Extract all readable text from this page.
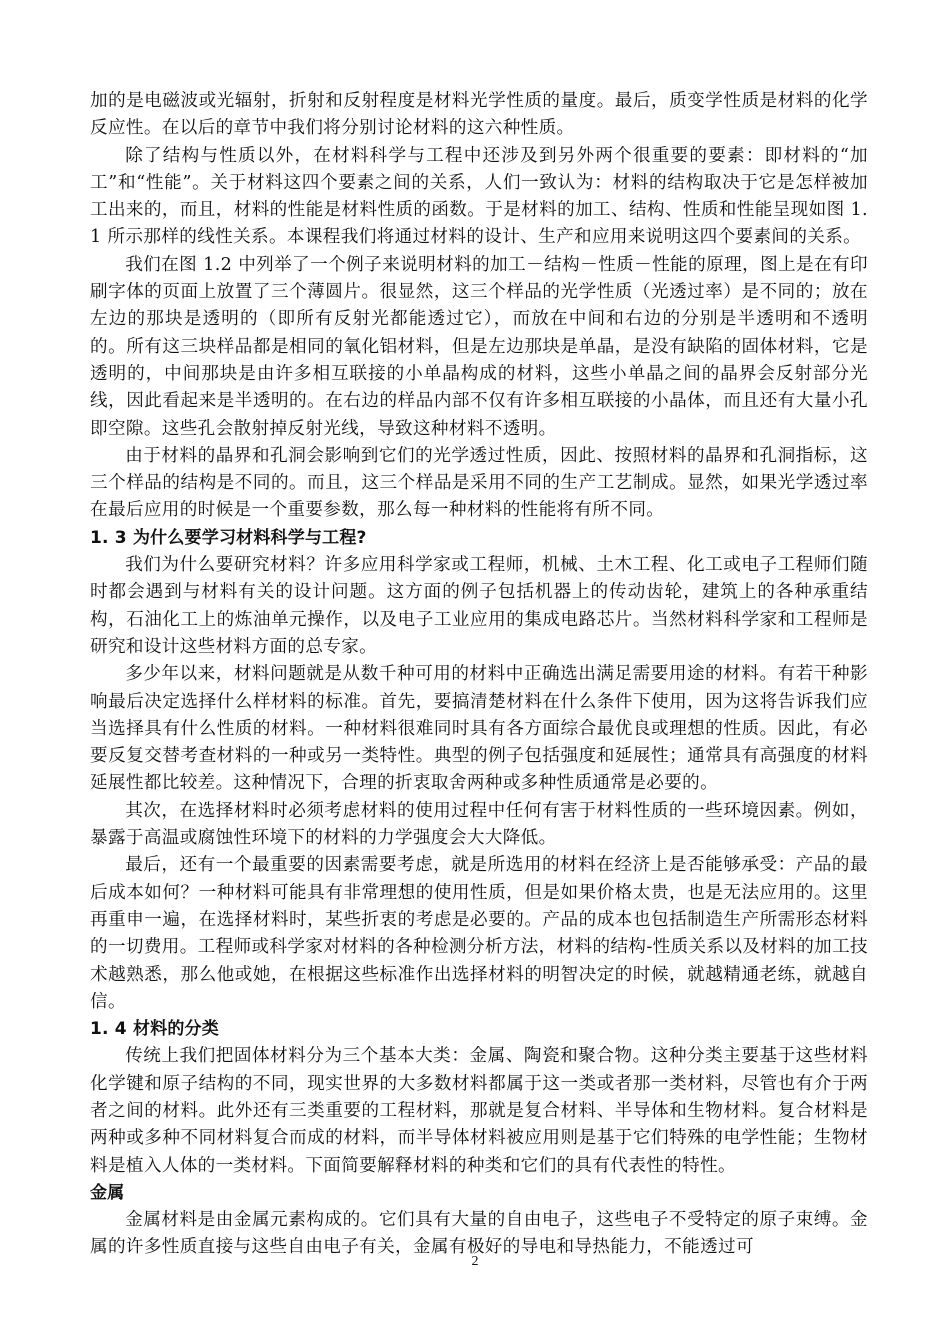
加的是电磁波或光辐射，折射和反射程度是材料光学性质的量度。最后，质变学性质是材料的化学反应性。在以后的章节中我们将分别讨论材料的这六种性质。

除了结构与性质以外，在材料科学与工程中还涉及到另外两个很重要的要素：即材料的“加工”和“性能”。关于材料这四个要素之间的关系，人们一致认为：材料的结构取决于它是怎样被加工出来的，而且，材料的性能是材料性质的函数。于是材料的加工、结构、性质和性能呈现如图 1.1 所示那样的线性关系。本课程我们将通过材料的设计、生产和应用来说明这四个要素间的关系。

我们在图 1.2 中列举了一个例子来说明材料的加工－结构－性质－性能的原理，图上是在有印刷字体的页面上放置了三个薄圆片。很显然，这三个样品的光学性质（光透过率）是不同的；放在左边的那块是透明的（即所有反射光都能透过它），而放在中间和右边的分别是半透明和不透明的。所有这三块样品都是相同的氧化铝材料，但是左边那块是单晶，是没有缺陷的固体材料，它是透明的，中间那块是由许多相互联接的小单晶构成的材料，这些小单晶之间的晶界会反射部分光线，因此看起来是半透明的。在右边的样品内部不仅有许多相互联接的小晶体，而且还有大量小孔即空隙。这些孔会散射掉反射光线，导致这种材料不透明。

由于材料的晶界和孔洞会影响到它们的光学透过性质，因此、按照材料的晶界和孔洞指标，这三个样品的结构是不同的。而且，这三个样品是采用不同的生产工艺制成。显然，如果光学透过率在最后应用的时候是一个重要参数，那么每一种材料的性能将有所不同。

1. 3 为什么要学习材料科学与工程?

我们为什么要研究材料？许多应用科学家或工程师，机械、土木工程、化工或电子工程师们随时都会遇到与材料有关的设计问题。这方面的例子包括机器上的传动齿轮，建筑上的各种承重结构，石油化工上的炼油单元操作，以及电子工业应用的集成电路芯片。当然材料科学家和工程师是研究和设计这些材料方面的总专家。

多少年以来，材料问题就是从数千种可用的材料中正确选出满足需要用途的材料。有若干种影响最后决定选择什么样材料的标准。首先，要搞清楚材料在什么条件下使用，因为这将告诉我们应当选择具有什么性质的材料。一种材料很难同时具有各方面综合最优良或理想的性质。因此，有必要反复交替考查材料的一种或另一类特性。典型的例子包括强度和延展性；通常具有高强度的材料延展性都比较差。这种情况下，合理的折衷取舍两种或多种性质通常是必要的。

其次，在选择材料时必须考虑材料的使用过程中任何有害于材料性质的一些环境因素。例如，暴露于高温或腐蚀性环境下的材料的力学强度会大大降低。

最后，还有一个最重要的因素需要考虑，就是所选用的材料在经济上是否能够承受：产品的最后成本如何？一种材料可能具有非常理想的使用性质，但是如果价格太贵，也是无法应用的。这里再重申一遍，在选择材料时，某些折衷的考虑是必要的。产品的成本也包括制造生产所需形态材料的一切费用。工程师或科学家对材料的各种检测分析方法，材料的结构-性质关系以及材料的加工技术越熟悉，那么他或她，在根据这些标准作出选择材料的明智决定的时候，就越精通老练，就越自信。

1. 4 材料的分类

传统上我们把固体材料分为三个基本大类：金属、陶瓷和聚合物。这种分类主要基于这些材料化学键和原子结构的不同，现实世界的大多数材料都属于这一类或者那一类材料，尽管也有介于两者之间的材料。此外还有三类重要的工程材料，那就是复合材料、半导体和生物材料。复合材料是两种或多种不同材料复合而成的材料，而半导体材料被应用则是基于它们特殊的电学性能；生物材料是植入人体的一类材料。下面简要解释材料的种类和它们的具有代表性的特性。

金属

金属材料是由金属元素构成的。它们具有大量的自由电子，这些电子不受特定的原子束缚。金属的许多性质直接与这些自由电子有关，金属有极好的导电和导热能力，不能透过可

2
